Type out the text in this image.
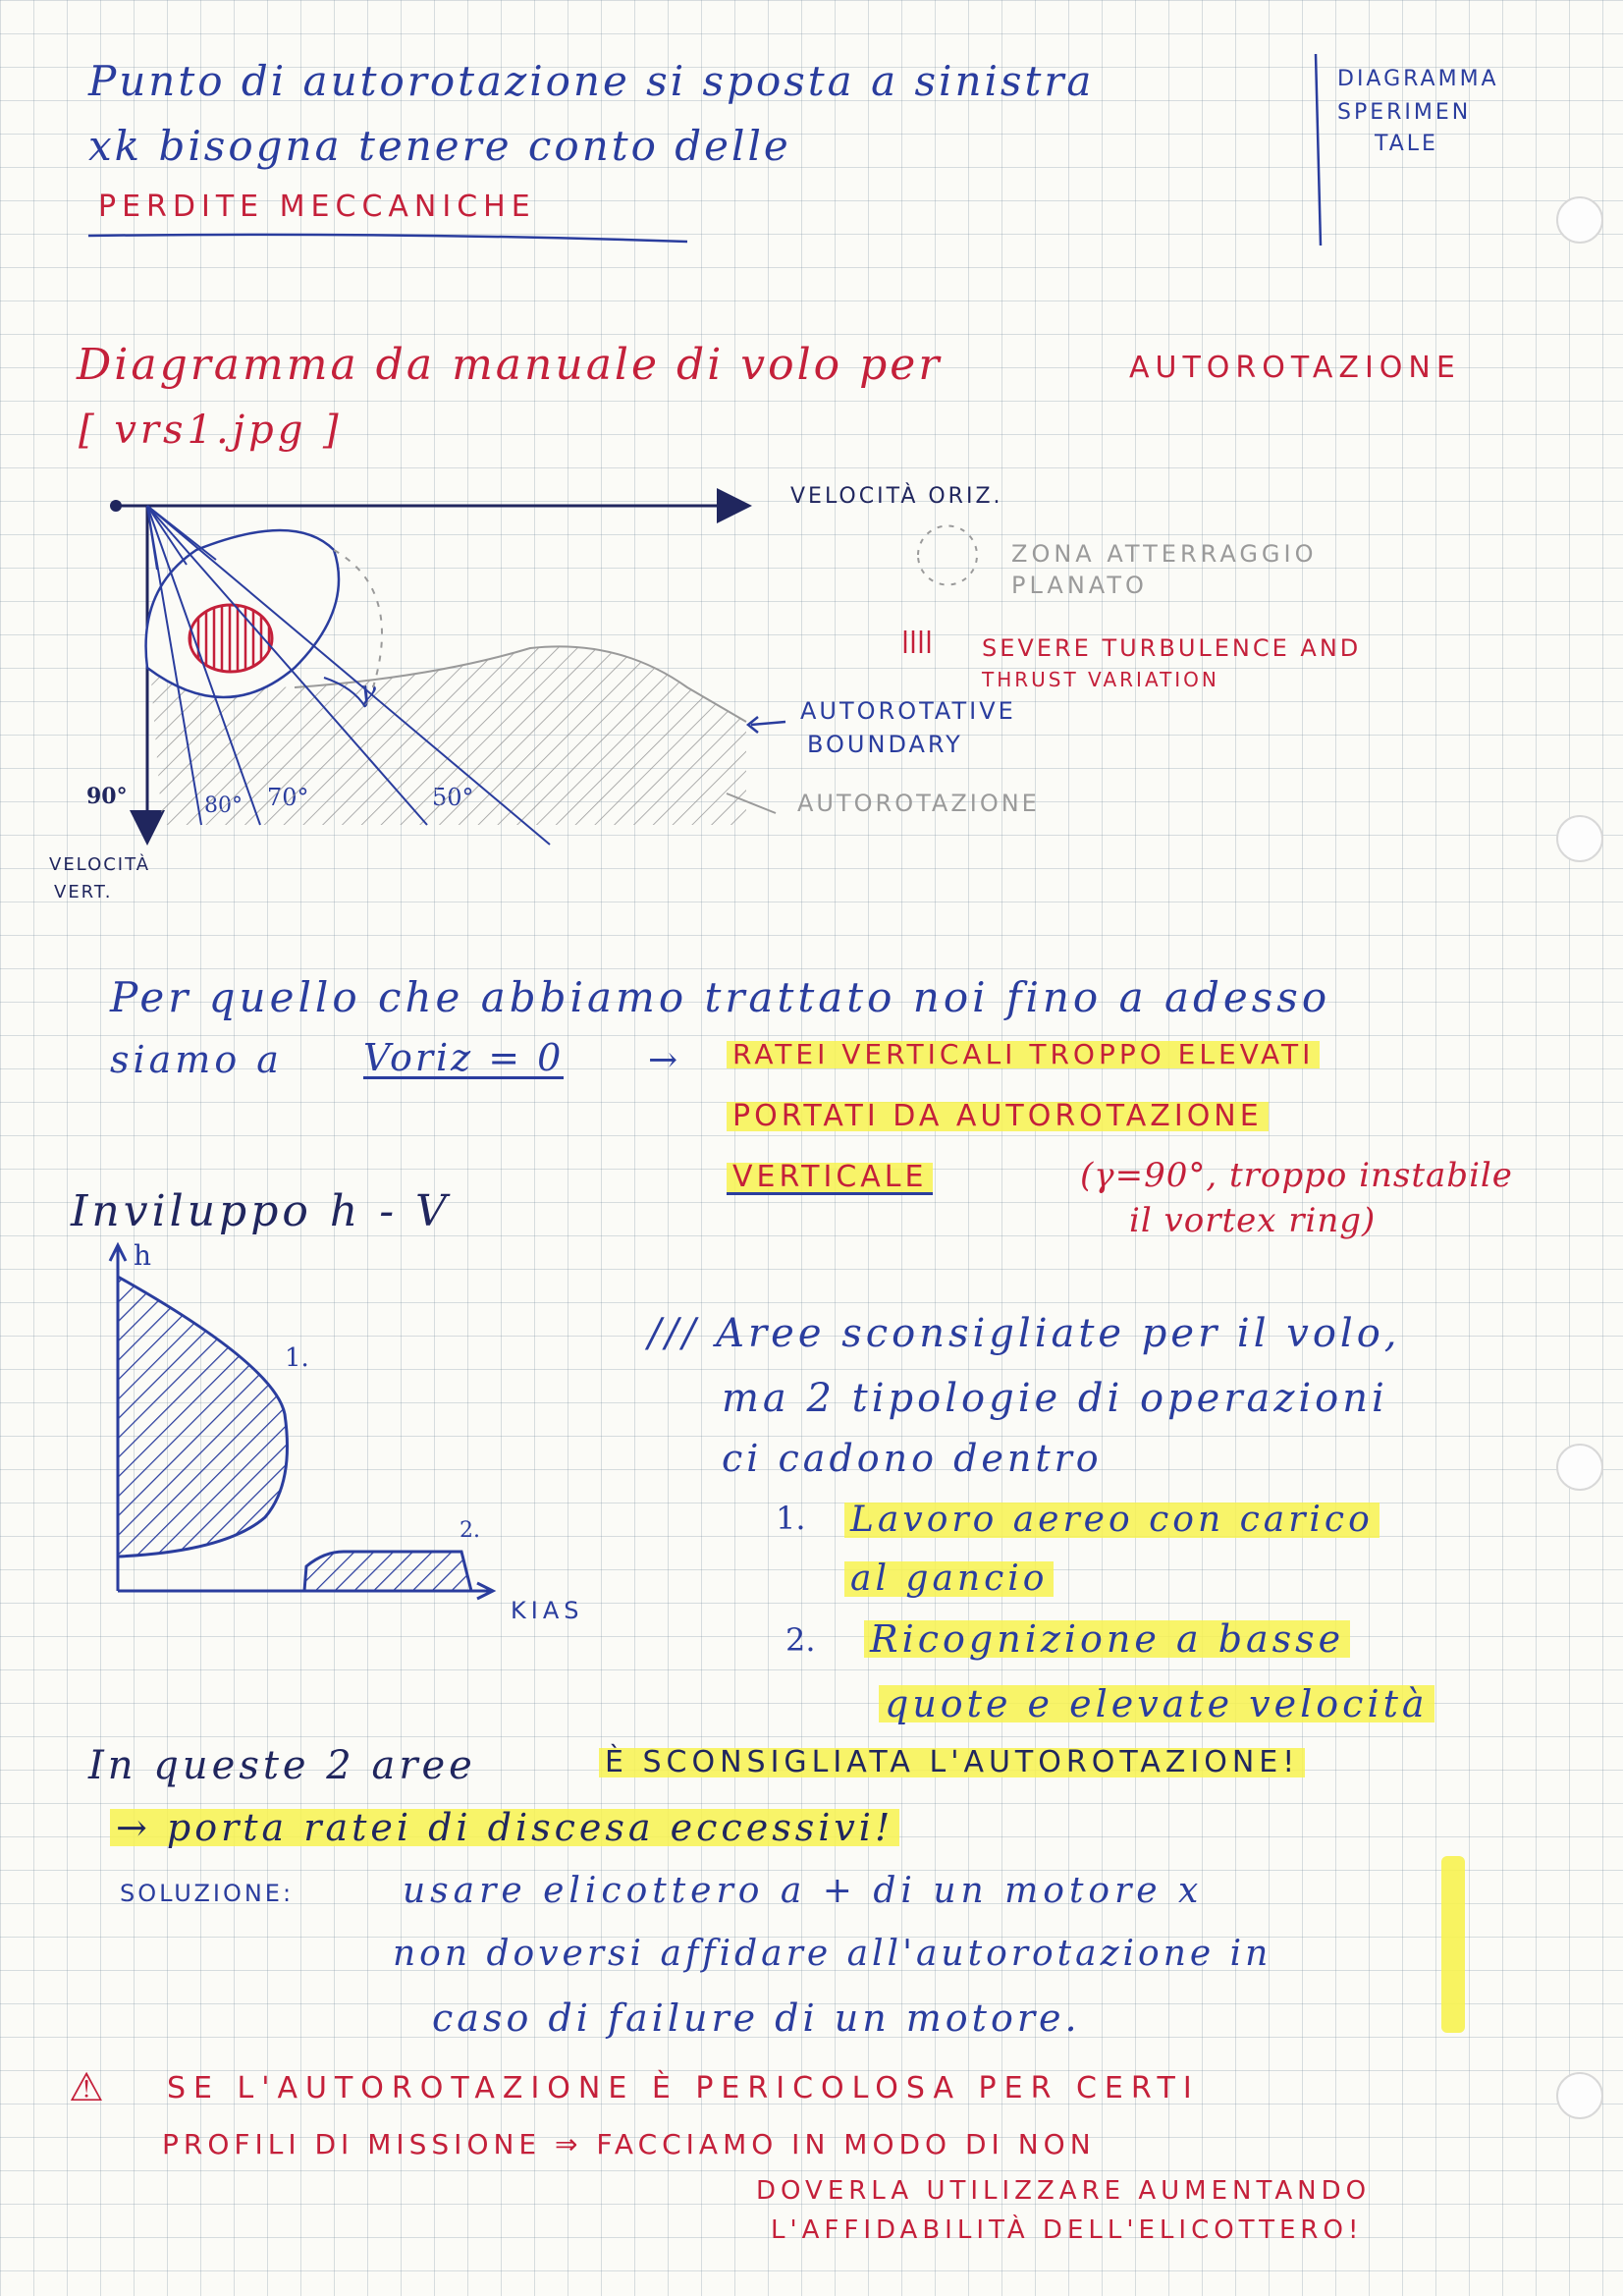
Punto di autorotazione si sposta a sinistra
xk bisogna tenere conto delle
PERDITE MECCANICHE
DIAGRAMMA
SPERIMEN
TALE
Diagramma da manuale di volo per	AUTOROTAZIONE
[ vrs1.jpg ]
VELOCITÀ ORIZ.
VELOCITÀ
VERT.
ZONA ATTERRAGGIO
PLANATO
SEVERE TURBULENCE AND
THRUST VARIATION
AUTOROTATIVE
BOUNDARY
AUTOROTAZIONE
90°
Per quello che abbiamo trattato noi fino a adesso
siamo a Voriz = 0 → RATEI VERTICALI TROPPO ELEVATI
PORTATI DA AUTOROTAZIONE
VERTICALE	(γ=90°, troppo instabile
il vortex ring)
Inviluppo h - V
h
KIAS
1.
2.
/// Aree sconsigliate per il volo,
ma 2 tipologie di operazioni
ci cadono dentro
1. Lavoro aereo con carico
al gancio
2. Ricognizione a basse
quote e elevate velocità
In queste 2 aree	È SCONSIGLIATA L'AUTOROTAZIONE!
→ porta ratei di discesa eccessivi!
SOLUZIONE:	usare elicottero a + di un motore x
non doversi affidare all'autorotazione in
caso di failure di un motore.
⚠ SE L'AUTOROTAZIONE È PERICOLOSA PER CERTI
PROFILI DI MISSIONE ⇒ FACCIAMO IN MODO DI NON
DOVERLA UTILIZZARE AUMENTANDO
L'AFFIDABILITÀ DELL'ELICOTTERO!
